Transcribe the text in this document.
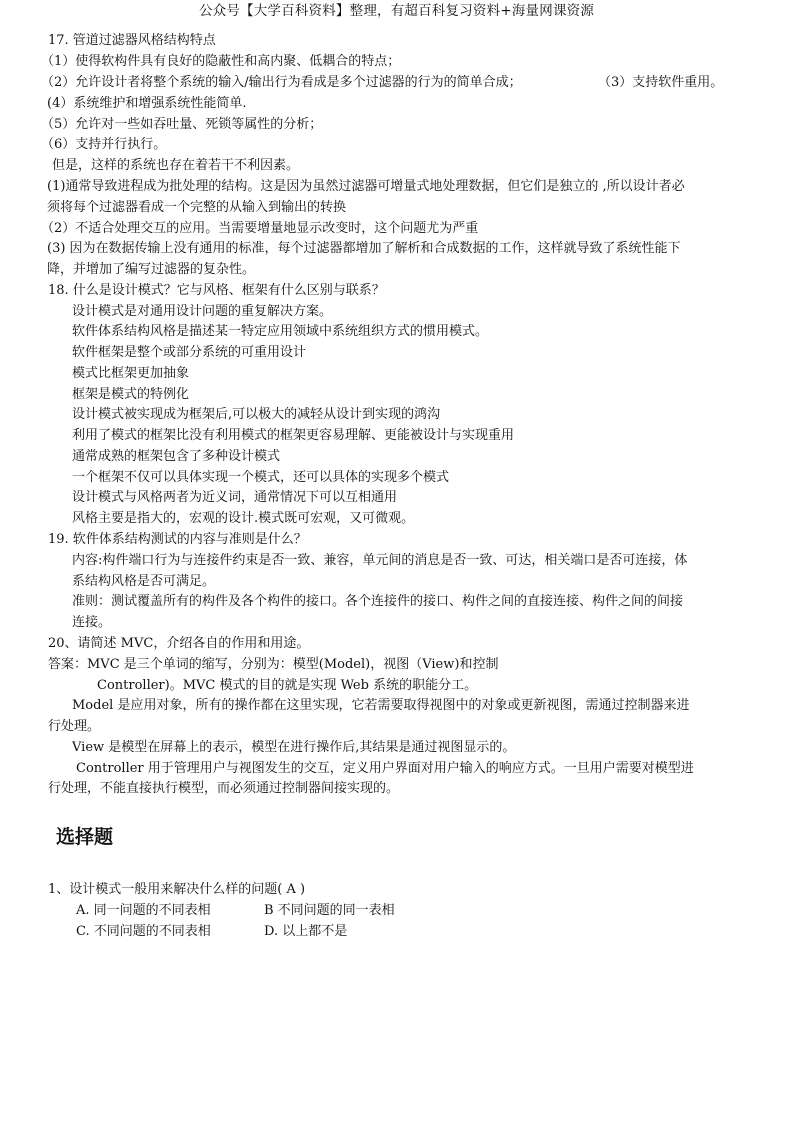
公众号【大学百科资料】整理，有超百科复习资料+海量网课资源
17. 管道过滤器风格结构特点
（1）使得软构件具有良好的隐蔽性和高内聚、低耦合的特点；
（2）允许设计者将整个系统的输入/输出行为看成是多个过滤器的行为的简单合成；	（3）支持软件重用。
(4）系统维护和增强系统性能简单.
（5）允许对一些如吞吐量、死锁等属性的分析；
（6）支持并行执行。
但是，这样的系统也存在着若干不利因素。
(1)通常导致进程成为批处理的结构。这是因为虽然过滤器可增量式地处理数据，但它们是独立的 ,所以设计者必
须将每个过滤器看成一个完整的从输入到输出的转换
（2）不适合处理交互的应用。当需要增量地显示改变时，这个问题尤为严重
(3) 因为在数据传输上没有通用的标准，每个过滤器都增加了解析和合成数据的工作，这样就导致了系统性能下
降，并增加了编写过滤器的复杂性。
18. 什么是设计模式？它与风格、框架有什么区别与联系？
设计模式是对通用设计问题的重复解决方案。
软件体系结构风格是描述某一特定应用领域中系统组织方式的惯用模式。
软件框架是整个或部分系统的可重用设计
模式比框架更加抽象
框架是模式的特例化
设计模式被实现成为框架后,可以极大的减轻从设计到实现的鸿沟
利用了模式的框架比没有利用模式的框架更容易理解、更能被设计与实现重用
通常成熟的框架包含了多种设计模式
一个框架不仅可以具体实现一个模式，还可以具体的实现多个模式
设计模式与风格两者为近义词，通常情况下可以互相通用
风格主要是指大的，宏观的设计.模式既可宏观，又可微观。
19. 软件体系结构测试的内容与准则是什么？
内容:构件端口行为与连接件约束是否一致、兼容，单元间的消息是否一致、可达，相关端口是否可连接，体
系结构风格是否可满足。
准则：测试覆盖所有的构件及各个构件的接口。各个连接件的接口、构件之间的直接连接、构件之间的间接
连接。
20、请简述 MVC，介绍各自的作用和用途。
答案：MVC 是三个单词的缩写，分别为：模型(Model)，视图（View)和控制
Controller)。MVC 模式的目的就是实现 Web 系统的职能分工。
Model 是应用对象，所有的操作都在这里实现，它若需要取得视图中的对象或更新视图，需通过控制器来进
行处理。
View 是模型在屏幕上的表示，模型在进行操作后,其结果是通过视图显示的。
Controller 用于管理用户与视图发生的交互，定义用户界面对用户输入的响应方式。一旦用户需要对模型进
行处理，不能直接执行模型，而必须通过控制器间接实现的。
选择题
1、设计模式一般用来解决什么样的问题( A )
A. 同一问题的不同表相	B 不同问题的同一表相
C. 不同问题的不同表相	D. 以上都不是
